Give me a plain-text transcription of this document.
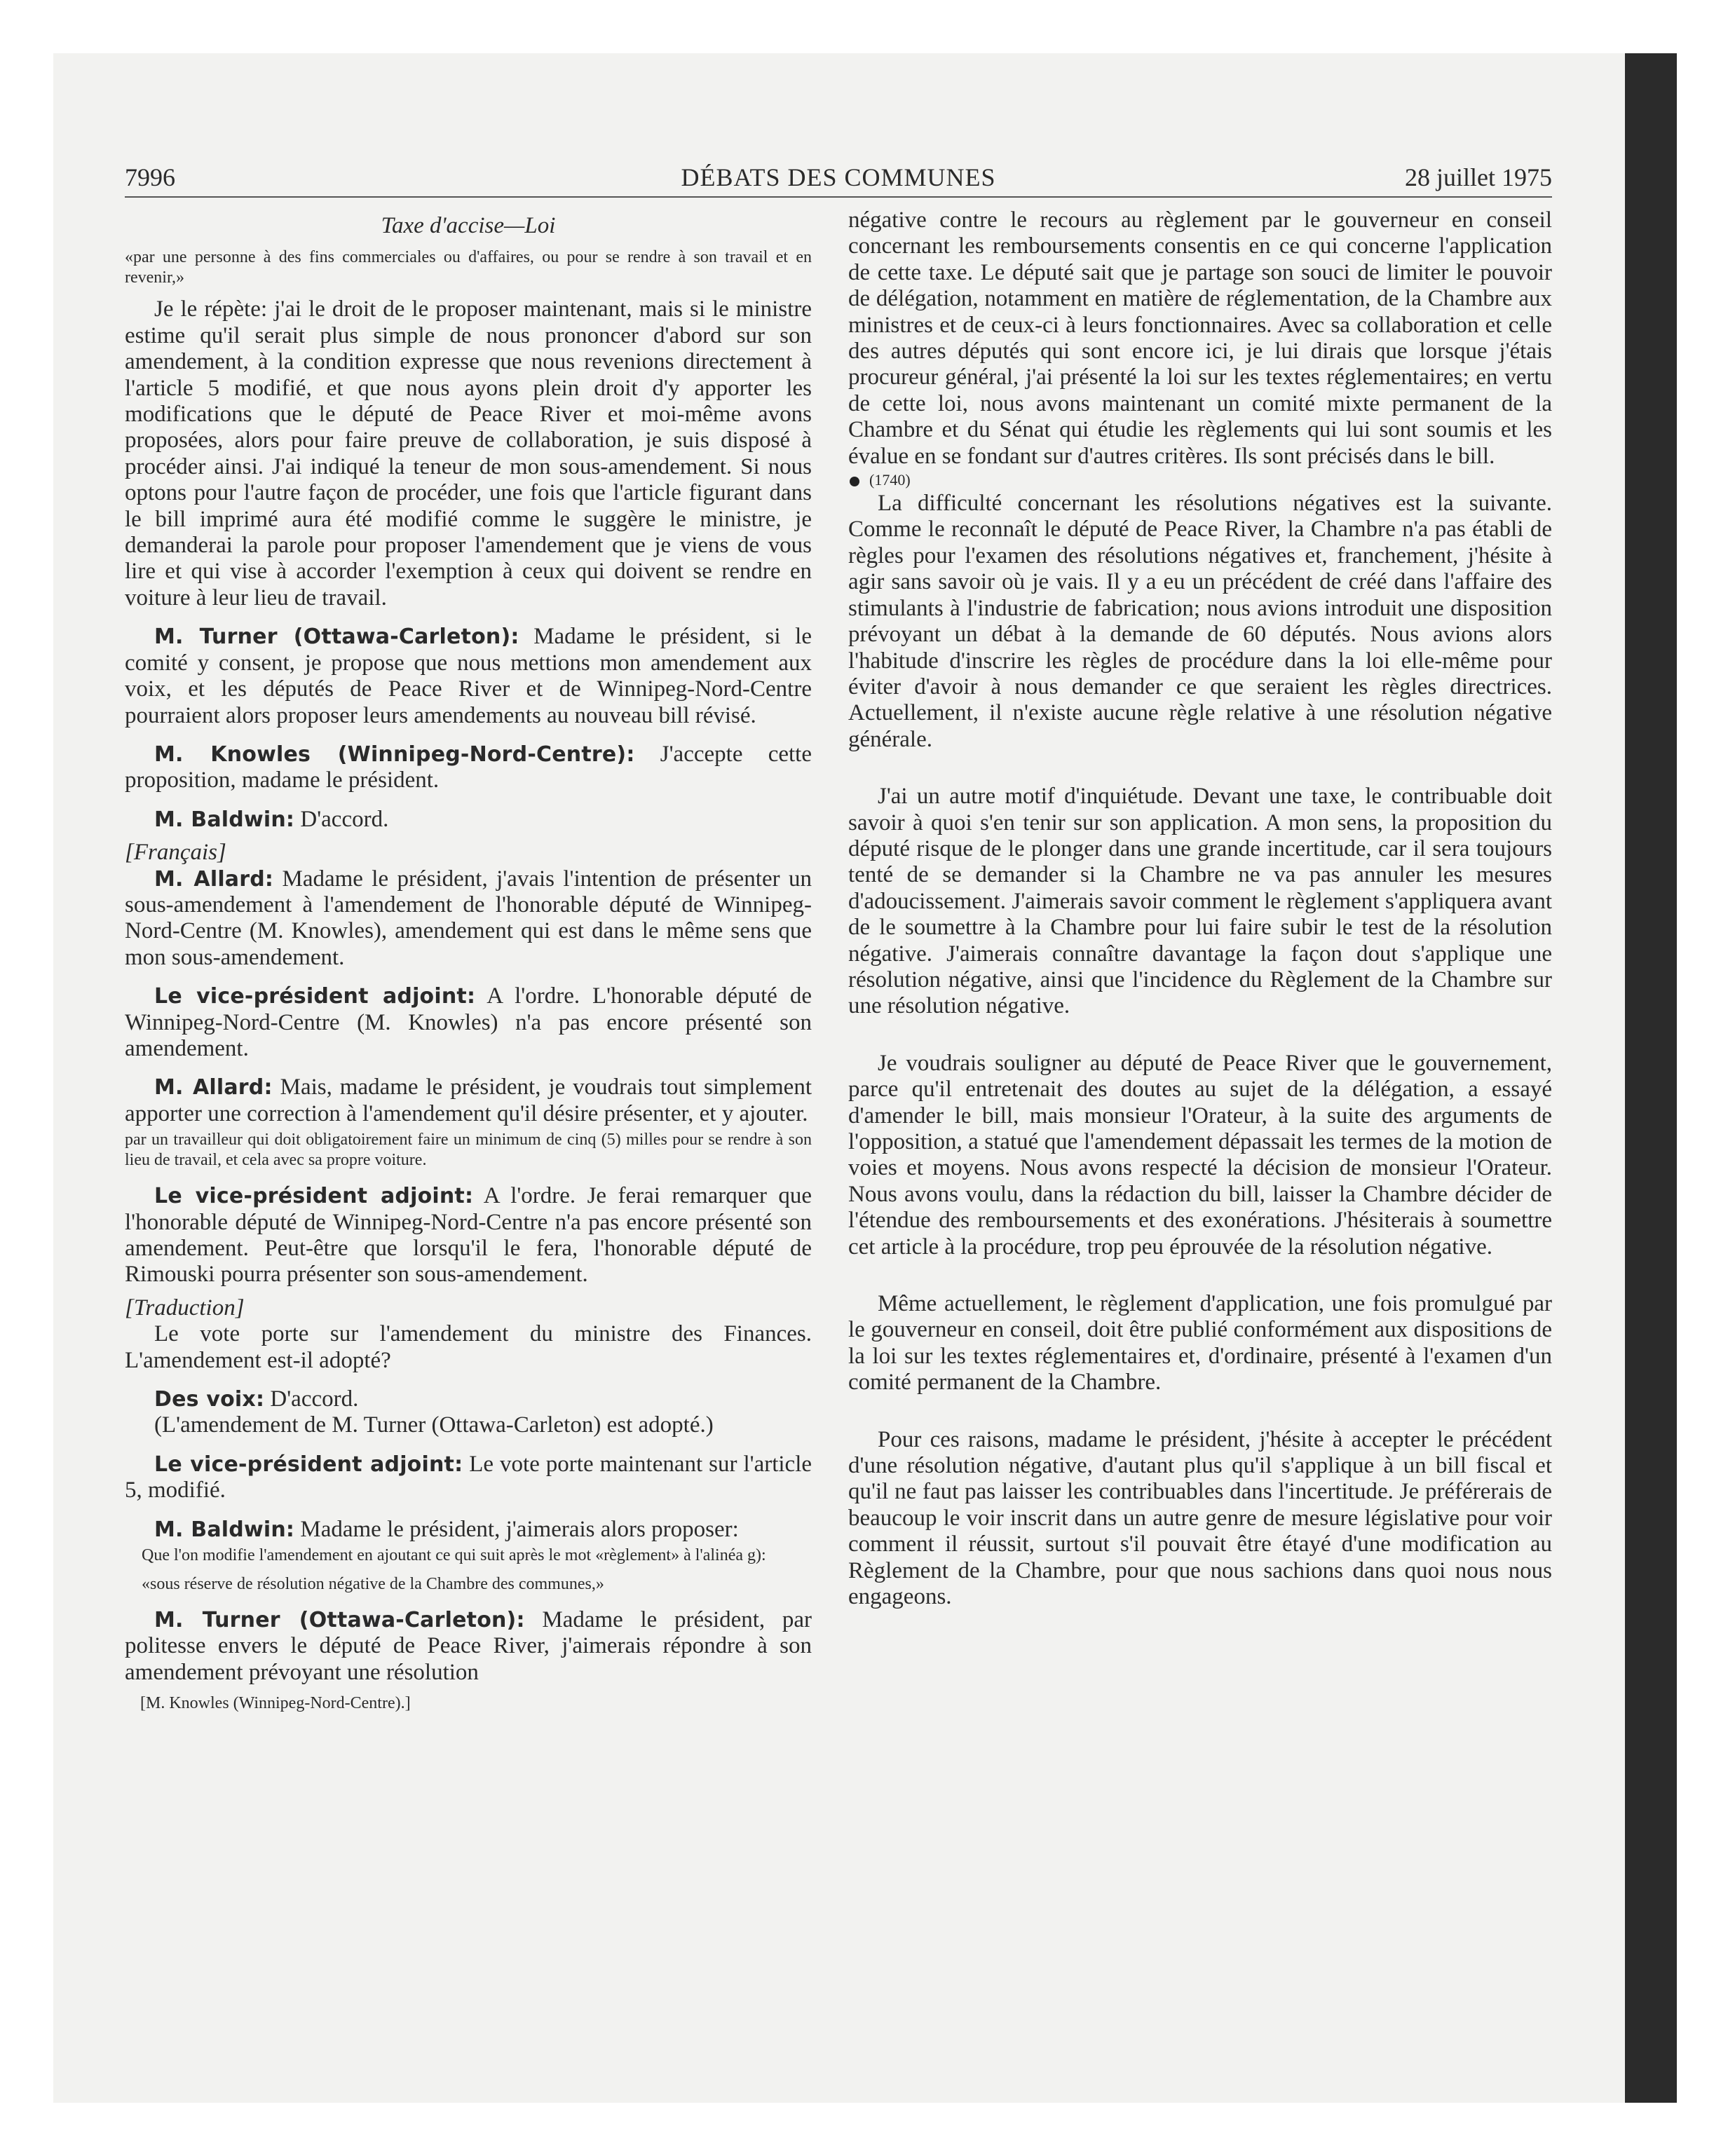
7996	DÉBATS DES COMMUNES	28 juillet 1975

Taxe d'accise—Loi

«par une personne à des fins commerciales ou d'affaires, ou pour se rendre à son travail et en revenir,»

Je le répète: j'ai le droit de le proposer maintenant, mais si le ministre estime qu'il serait plus simple de nous prononcer d'abord sur son amendement, à la condition expresse que nous revenions directement à l'article 5 modifié, et que nous ayons plein droit d'y apporter les modifications que le député de Peace River et moi-même avons proposées, alors pour faire preuve de collaboration, je suis disposé à procéder ainsi. J'ai indiqué la teneur de mon sous-amendement. Si nous optons pour l'autre façon de procéder, une fois que l'article figurant dans le bill imprimé aura été modifié comme le suggère le ministre, je demanderai la parole pour proposer l'amendement que je viens de vous lire et qui vise à accorder l'exemption à ceux qui doivent se rendre en voiture à leur lieu de travail.

M. Turner (Ottawa-Carleton): Madame le président, si le comité y consent, je propose que nous mettions mon amendement aux voix, et les députés de Peace River et de Winnipeg-Nord-Centre pourraient alors proposer leurs amendements au nouveau bill révisé.

M. Knowles (Winnipeg-Nord-Centre): J'accepte cette proposition, madame le président.

M. Baldwin: D'accord.

[Français]

M. Allard: Madame le président, j'avais l'intention de présenter un sous-amendement à l'amendement de l'honorable député de Winnipeg-Nord-Centre (M. Knowles), amendement qui est dans le même sens que mon sous-amendement.

Le vice-président adjoint: A l'ordre. L'honorable député de Winnipeg-Nord-Centre (M. Knowles) n'a pas encore présenté son amendement.

M. Allard: Mais, madame le président, je voudrais tout simplement apporter une correction à l'amendement qu'il désire présenter, et y ajouter.

par un travailleur qui doit obligatoirement faire un minimum de cinq (5) milles pour se rendre à son lieu de travail, et cela avec sa propre voiture.

Le vice-président adjoint: A l'ordre. Je ferai remarquer que l'honorable député de Winnipeg-Nord-Centre n'a pas encore présenté son amendement. Peut-être que lorsqu'il le fera, l'honorable député de Rimouski pourra présenter son sous-amendement.

[Traduction]

Le vote porte sur l'amendement du ministre des Finances. L'amendement est-il adopté?

Des voix: D'accord.

(L'amendement de M. Turner (Ottawa-Carleton) est adopté.)

Le vice-président adjoint: Le vote porte maintenant sur l'article 5, modifié.

M. Baldwin: Madame le président, j'aimerais alors proposer:

Que l'on modifie l'amendement en ajoutant ce qui suit après le mot «règlement» à l'alinéa g):

«sous réserve de résolution négative de la Chambre des communes,»

M. Turner (Ottawa-Carleton): Madame le président, par politesse envers le député de Peace River, j'aimerais répondre à son amendement prévoyant une résolution

[M. Knowles (Winnipeg-Nord-Centre).]

négative contre le recours au règlement par le gouverneur en conseil concernant les remboursements consentis en ce qui concerne l'application de cette taxe. Le député sait que je partage son souci de limiter le pouvoir de délégation, notamment en matière de réglementation, de la Chambre aux ministres et de ceux-ci à leurs fonctionnaires. Avec sa collaboration et celle des autres députés qui sont encore ici, je lui dirais que lorsque j'étais procureur général, j'ai présenté la loi sur les textes réglementaires; en vertu de cette loi, nous avons maintenant un comité mixte permanent de la Chambre et du Sénat qui étudie les règlements qui lui sont soumis et les évalue en se fondant sur d'autres critères. Ils sont précisés dans le bill.

(1740)

La difficulté concernant les résolutions négatives est la suivante. Comme le reconnaît le député de Peace River, la Chambre n'a pas établi de règles pour l'examen des résolutions négatives et, franchement, j'hésite à agir sans savoir où je vais. Il y a eu un précédent de créé dans l'affaire des stimulants à l'industrie de fabrication; nous avions introduit une disposition prévoyant un débat à la demande de 60 députés. Nous avions alors l'habitude d'inscrire les règles de procédure dans la loi elle-même pour éviter d'avoir à nous demander ce que seraient les règles directrices. Actuellement, il n'existe aucune règle relative à une résolution négative générale.

J'ai un autre motif d'inquiétude. Devant une taxe, le contribuable doit savoir à quoi s'en tenir sur son application. A mon sens, la proposition du député risque de le plonger dans une grande incertitude, car il sera toujours tenté de se demander si la Chambre ne va pas annuler les mesures d'adoucissement. J'aimerais savoir comment le règlement s'appliquera avant de le soumettre à la Chambre pour lui faire subir le test de la résolution négative. J'aimerais connaître davantage la façon dout s'applique une résolution négative, ainsi que l'incidence du Règlement de la Chambre sur une résolution négative.

Je voudrais souligner au député de Peace River que le gouvernement, parce qu'il entretenait des doutes au sujet de la délégation, a essayé d'amender le bill, mais monsieur l'Orateur, à la suite des arguments de l'opposition, a statué que l'amendement dépassait les termes de la motion de voies et moyens. Nous avons respecté la décision de monsieur l'Orateur. Nous avons voulu, dans la rédaction du bill, laisser la Chambre décider de l'étendue des remboursements et des exonérations. J'hésiterais à soumettre cet article à la procédure, trop peu éprouvée de la résolution négative.

Même actuellement, le règlement d'application, une fois promulgué par le gouverneur en conseil, doit être publié conformément aux dispositions de la loi sur les textes réglementaires et, d'ordinaire, présenté à l'examen d'un comité permanent de la Chambre.

Pour ces raisons, madame le président, j'hésite à accepter le précédent d'une résolution négative, d'autant plus qu'il s'applique à un bill fiscal et qu'il ne faut pas laisser les contribuables dans l'incertitude. Je préférerais de beaucoup le voir inscrit dans un autre genre de mesure législative pour voir comment il réussit, surtout s'il pouvait être étayé d'une modification au Règlement de la Chambre, pour que nous sachions dans quoi nous nous engageons.
